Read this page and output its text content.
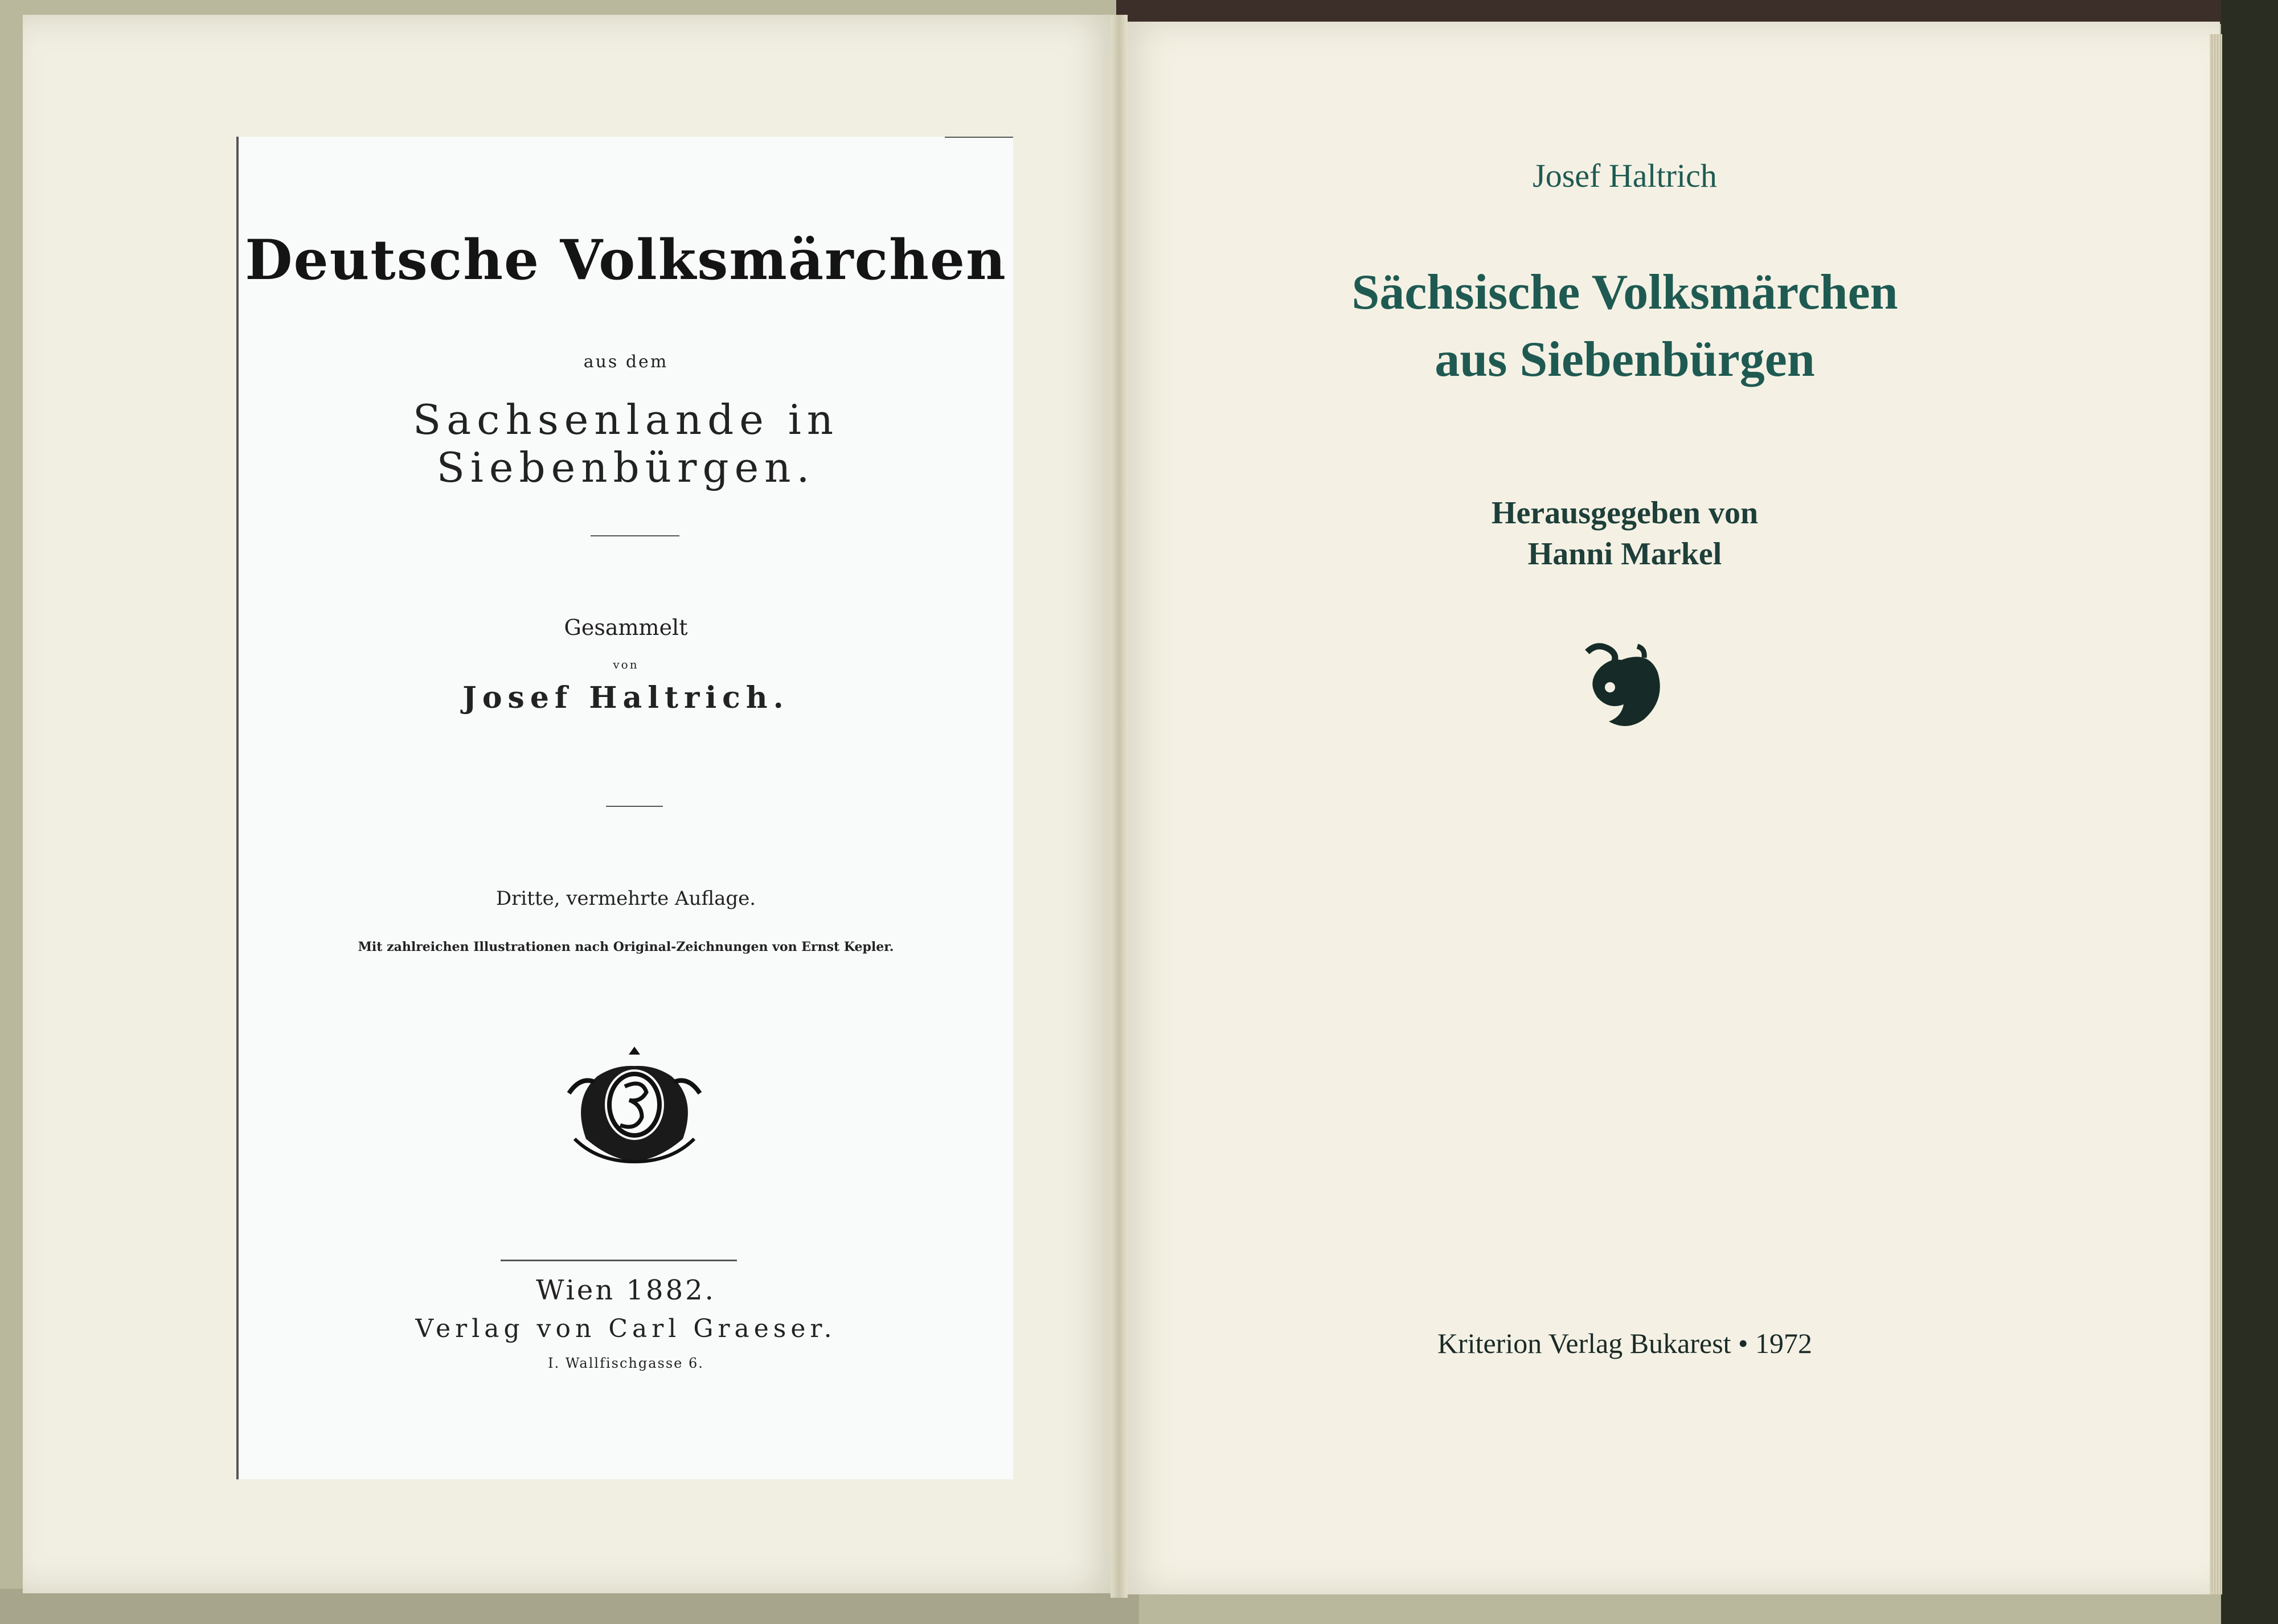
Deutsche Volksmärchen
aus dem
Sachsenlande in Siebenbürgen.
Gesammelt
von
Josef Haltrich.
Dritte, vermehrte Auflage.
Mit zahlreichen Illustrationen nach Original-Zeichnungen von Ernst Kepler.
Wien 1882.
Verlag von Carl Graeser.
I. Wallfischgasse 6.
Josef Haltrich
Sächsische Volksmärchen
aus Siebenbürgen
Herausgegeben von
Hanni Markel
Kriterion Verlag Bukarest • 1972
